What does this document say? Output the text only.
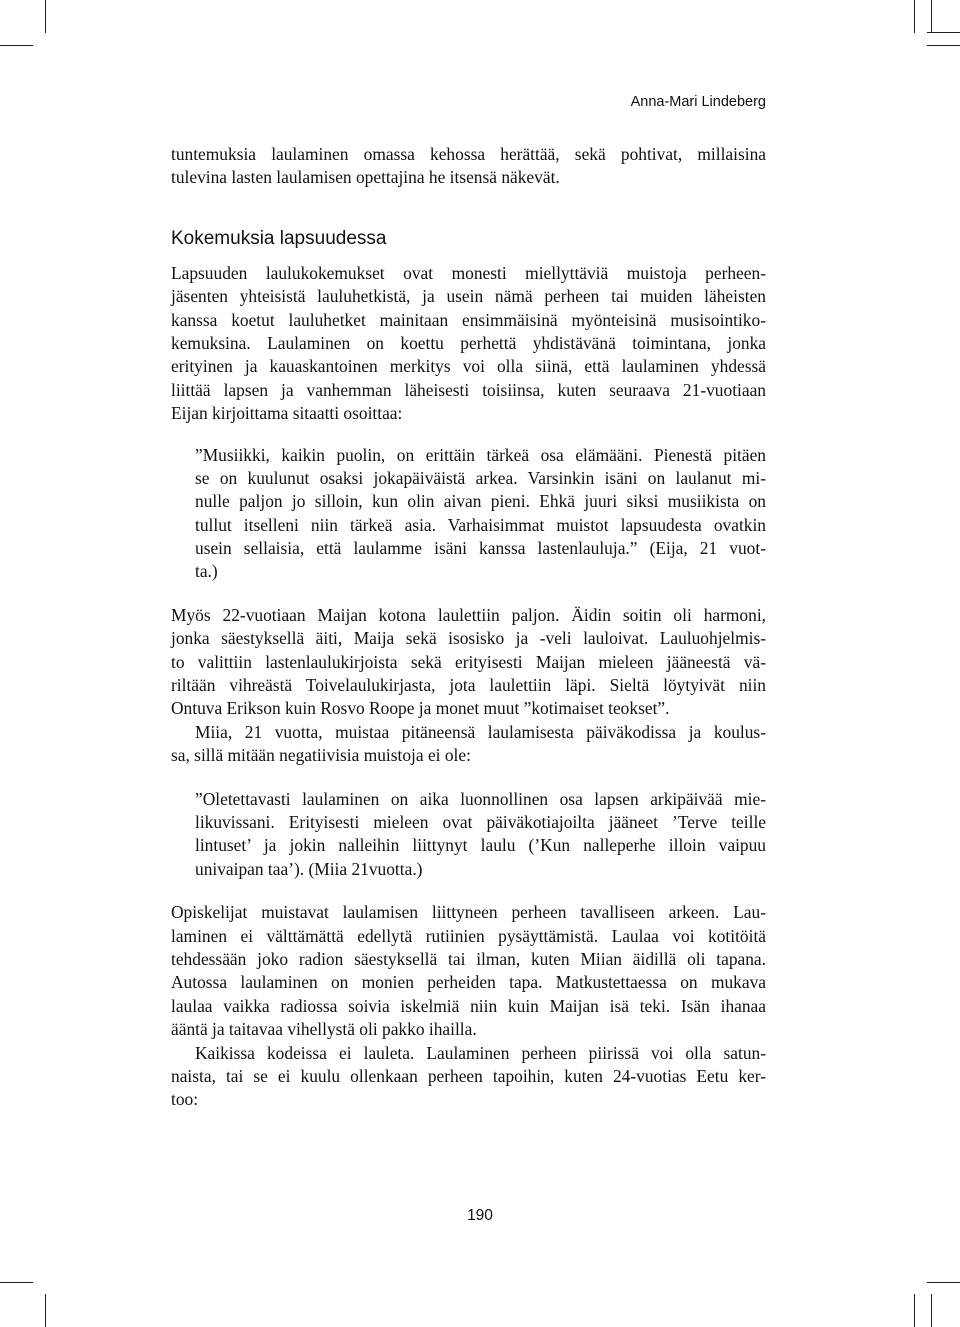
Anna-Mari Lindeberg
tuntemuksia laulaminen omassa kehossa herättää, sekä pohtivat, millaisina
tulevina lasten laulamisen opettajina he itsensä näkevät.
Kokemuksia lapsuudessa
Lapsuuden laulukokemukset ovat monesti miellyttäviä muistoja perheen-
jäsenten yhteisistä lauluhetkistä, ja usein nämä perheen tai muiden läheisten
kanssa koetut lauluhetket mainitaan ensimmäisinä myönteisinä musisointiko-
kemuksina. Laulaminen on koettu perhettä yhdistävänä toimintana, jonka
erityinen ja kauaskantoinen merkitys voi olla siinä, että laulaminen yhdessä
liittää lapsen ja vanhemman läheisesti toisiinsa, kuten seuraava 21-vuotiaan
Eijan kirjoittama sitaatti osoittaa:
”Musiikki, kaikin puolin, on erittäin tärkeä osa elämääni. Pienestä pitäen
se on kuulunut osaksi jokapäiväistä arkea. Varsinkin isäni on laulanut mi-
nulle paljon jo silloin, kun olin aivan pieni. Ehkä juuri siksi musiikista on
tullut itselleni niin tärkeä asia. Varhaisimmat muistot lapsuudesta ovatkin
usein sellaisia, että laulamme isäni kanssa lastenlauluja.” (Eija, 21 vuot-
ta.)
Myös 22-vuotiaan Maijan kotona laulettiin paljon. Äidin soitin oli harmoni,
jonka säestyksellä äiti, Maija sekä isosisko ja -veli lauloivat. Lauluohjelmis-
to valittiin lastenlaulukirjoista sekä erityisesti Maijan mieleen jääneestä vä-
riltään vihreästä Toivelaulukirjasta, jota laulettiin läpi. Sieltä löytyivät niin
Ontuva Erikson kuin Rosvo Roope ja monet muut ”kotimaiset teokset”.
Miia, 21 vuotta, muistaa pitäneensä laulamisesta päiväkodissa ja koulus-
sa, sillä mitään negatiivisia muistoja ei ole:
”Oletettavasti laulaminen on aika luonnollinen osa lapsen arkipäivää mie-
likuvissani. Erityisesti mieleen ovat päiväkotiajoilta jääneet ’Terve teille
lintuset’ ja jokin nalleihin liittynyt laulu (’Kun nalleperhe illoin vaipuu
univaipan taa’). (Miia 21vuotta.)
Opiskelijat muistavat laulamisen liittyneen perheen tavalliseen arkeen. Lau-
laminen ei välttämättä edellytä rutiinien pysäyttämistä. Laulaa voi kotitöitä
tehdessään joko radion säestyksellä tai ilman, kuten Miian äidillä oli tapana.
Autossa laulaminen on monien perheiden tapa. Matkustettaessa on mukava
laulaa vaikka radiossa soivia iskelmiä niin kuin Maijan isä teki. Isän ihanaa
ääntä ja taitavaa vihellystä oli pakko ihailla.
Kaikissa kodeissa ei lauleta. Laulaminen perheen piirissä voi olla satun-
naista, tai se ei kuulu ollenkaan perheen tapoihin, kuten 24-vuotias Eetu ker-
too:
190
